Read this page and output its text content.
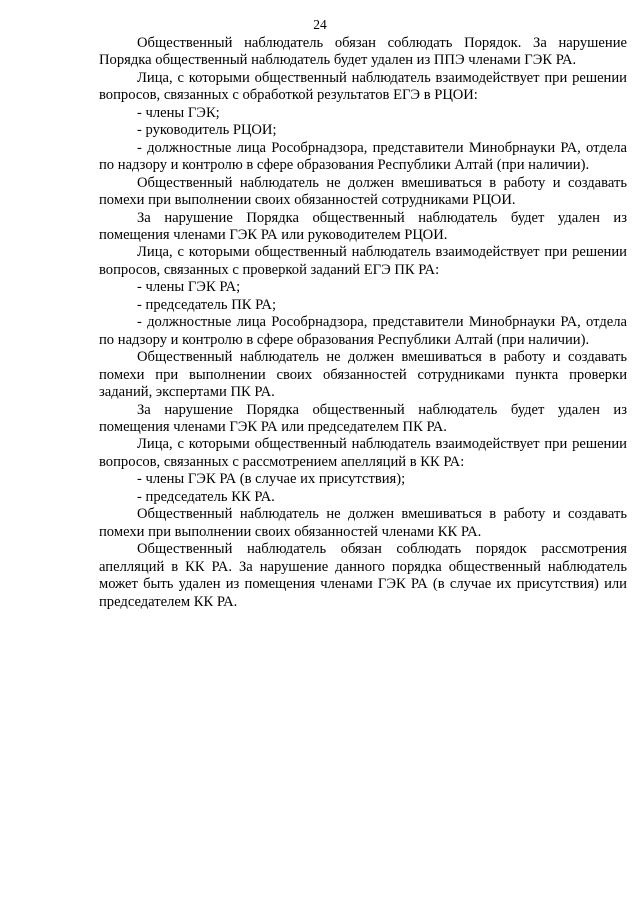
24

Общественный наблюдатель обязан соблюдать Порядок. За нарушение Порядка общественный наблюдатель будет удален из ППЭ членами ГЭК РА.

Лица, с которыми общественный наблюдатель взаимодействует при решении вопросов, связанных с обработкой результатов ЕГЭ в РЦОИ:

- члены ГЭК;

- руководитель РЦОИ;

- должностные лица Рособрнадзора, представители Минобрнауки РА, отдела по надзору и контролю в сфере образования Республики Алтай (при наличии).

Общественный наблюдатель не должен вмешиваться в работу и создавать помехи при выполнении своих обязанностей сотрудниками РЦОИ.

За нарушение Порядка общественный наблюдатель будет удален из помещения членами ГЭК РА или руководителем РЦОИ.

Лица, с которыми общественный наблюдатель взаимодействует при решении вопросов, связанных с проверкой заданий ЕГЭ ПК РА:

- члены ГЭК РА;

- председатель ПК РА;

- должностные лица Рособрнадзора, представители Минобрнауки РА, отдела по надзору и контролю в сфере образования Республики Алтай (при наличии).

Общественный наблюдатель не должен вмешиваться в работу и создавать помехи при выполнении своих обязанностей сотрудниками пункта проверки заданий, экспертами ПК РА.

За нарушение Порядка общественный наблюдатель будет удален из помещения членами ГЭК РА или председателем ПК РА.

Лица, с которыми общественный наблюдатель взаимодействует при решении вопросов, связанных с рассмотрением апелляций в КК РА:

- члены ГЭК РА (в случае их присутствия);

- председатель КК РА.

Общественный наблюдатель не должен вмешиваться в работу и создавать помехи при выполнении своих обязанностей членами КК РА.

Общественный наблюдатель обязан соблюдать порядок рассмотрения апелляций в КК РА. За нарушение данного порядка общественный наблюдатель может быть удален из помещения членами ГЭК РА (в случае их присутствия) или председателем КК РА.
